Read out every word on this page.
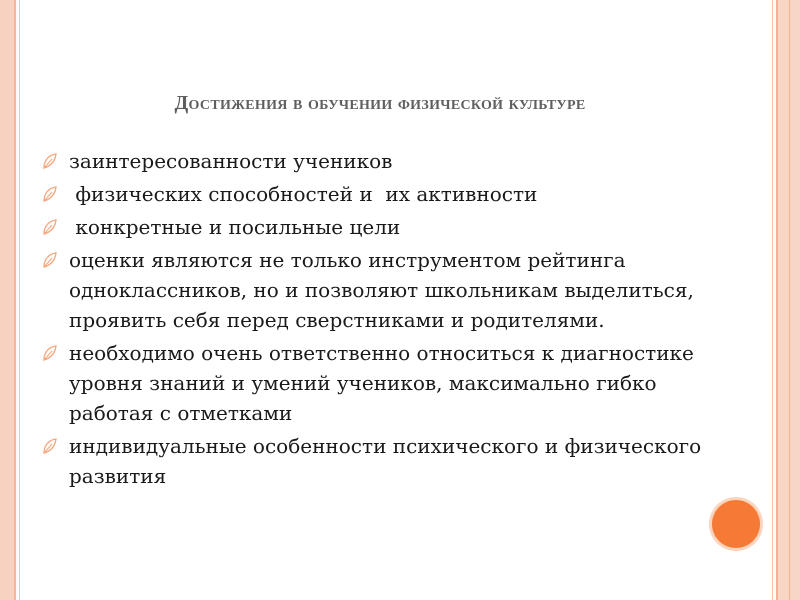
Достижения в обучении физической культуре
заинтересованности учеников
физических способностей и  их активности
конкретные и посильные цели
оценки являются не только инструментом рейтинга одноклассников, но и позволяют школьникам выделиться, проявить себя перед сверстниками и родителями.
необходимо очень ответственно относиться к диагностике уровня знаний и умений учеников, максимально гибко работая с отметками
индивидуальные особенности психического и физического развития
